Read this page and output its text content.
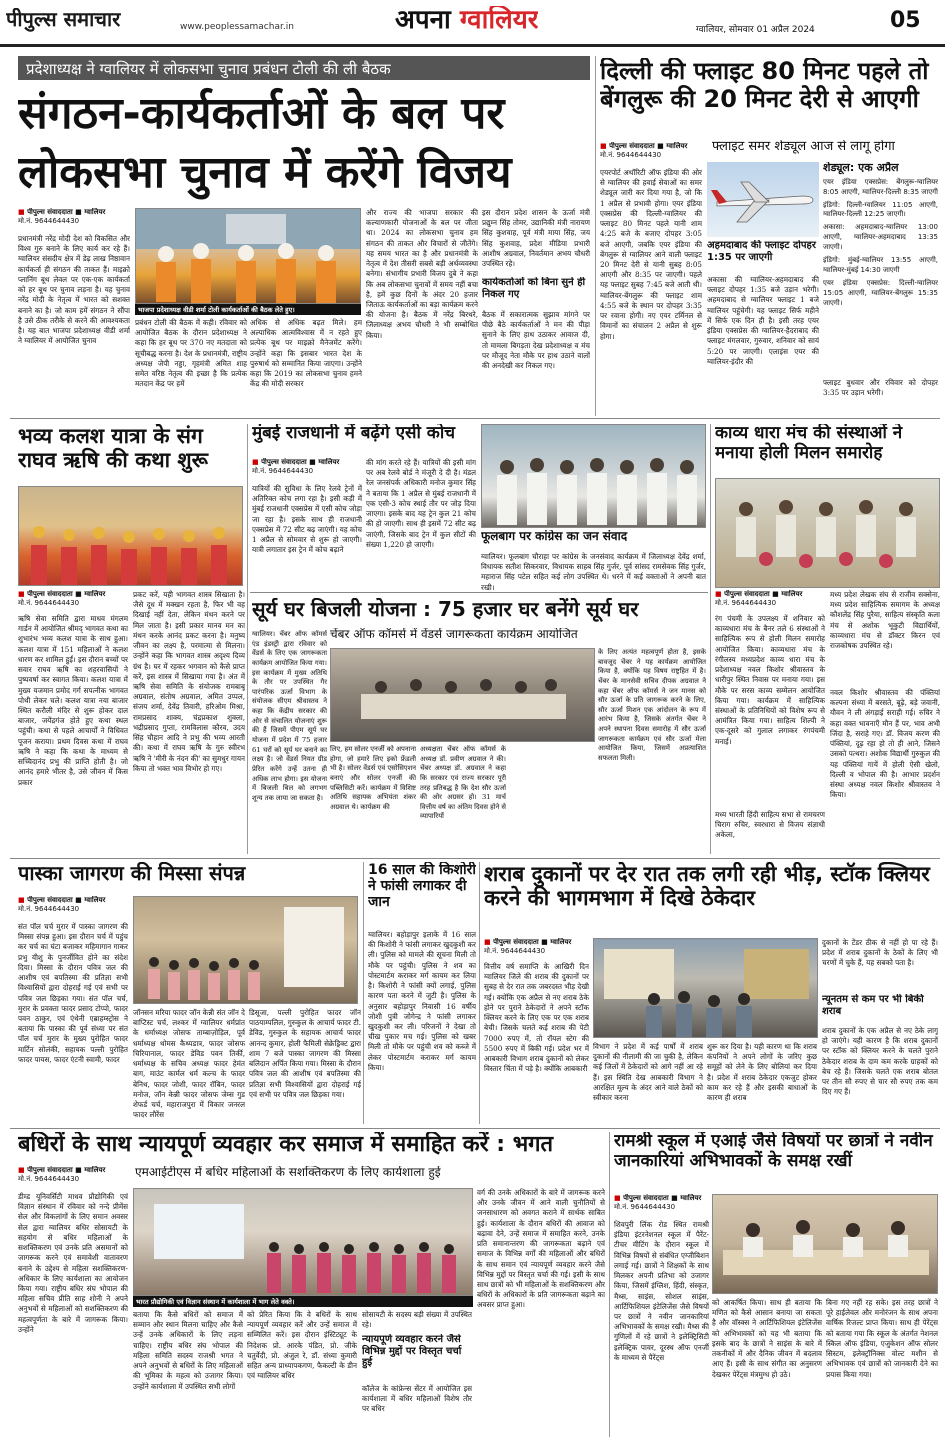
पीपुल्स समाचार	www.peoplessamachar.in	अपना ग्वालियर	ग्वालियर, सोमवार 01 अप्रैल 2024	05
प्रदेशाध्यक्ष ने ग्वालियर में लोकसभा चुनाव प्रबंधन टोली की ली बैठक
संगठन-कार्यकर्ताओं के बल पर लोकसभा चुनाव में करेंगे विजय
■ पीपुल्स संवाददाता ■ ग्वालियर
मो.नं. 9644644430
प्रधानमंत्री नरेंद्र मोदी देश को विकसित और विश्व गुरु बनाने के लिए कार्य कर रहे हैं। ग्वालियर संसदीय क्षेत्र में डेढ़ लाख निष्ठावान कार्यकर्ता ही संगठन की ताकत हैं। माइक्रो प्लानिंग बूथ लेवल पर एक-एक कार्यकर्ता को हर बूथ पर चुनाव लड़ना है। यह चुनाव नरेंद्र मोदी के नेतृत्व में भारत को सशक्त बनाने का है। जो काम हमें संगठन ने सौंपा है उसे ठीक तरीके से करने की आवश्यकता है। यह बात भाजपा प्रदेशाध्यक्ष वीडी शर्मा ने ग्वालियर में आयोजित चुनाव
भाजपा प्रदेशाध्यक्ष वीडी शर्मा टोली कार्यकर्ताओं की बैठक लेते हुए।
प्रबंधन टोली की बैठक में कही। रविवार को आयोजित बैठक के दौरान प्रदेशाध्यक्ष ने कहा कि हर बूथ पर 370 नए मतदाता को सूचीबद्ध करना है। देश के प्रधानमंत्री, राष्ट्रीय अध्यक्ष जेपी नड्डा, गृहमंत्री अमित शाह समेत वरिष्ठ नेतृत्व की इच्छा है कि प्रत्येक मतदान केंद्र पर हमें
अधिक से अधिक बढ़त मिले। हम अल्पाधिक आत्मविश्वास में न रहते हुए प्रत्येक बूथ पर माइक्रो मैनेजमेंट करेंगे। उन्होंने कहा कि इसबार भारत देश के पुरुषार्थ को सम्मानित किया जाएगा। उन्होंने कहा कि 2019 का लोकसभा चुनाव हमने केंद्र की मोदी सरकार
और राज्य की भाजपा सरकार की कल्याणकारी योजनाओं के बल पर जीता था। 2024 का लोकसभा चुनाव हम संगठन की ताकत और विचारों से जीतेंगे। यह समय भारत का है और प्रधानमंत्री के नेतृत्व में देश तीसरी सबसे बड़ी अर्थव्यवस्था बनेगा। संभागीय प्रभारी विजय दुबे ने कहा कि अब लोकसभा चुनावों में समय नहीं बचा है, हमें कुछ दिनों के अंदर 20 हजार जिताऊ कार्यकर्ताओं का बड़ा कार्यक्रम करने की योजना है। बैठक में नरेंद्र बिरथरे, जिलाध्यक्ष अभय चौधरी ने भी सम्बोधित किया।
इस दौरान प्रदेश शासन के ऊर्जा मंत्री प्रद्युम्न सिंह तोमर, उद्यानिकी मंत्री नारायण सिंह कुशवाह, पूर्व मंत्री माया सिंह, जय सिंह कुशवाह, प्रदेश मीडिया प्रभारी आशीष अग्रवाल, निवर्तमान अभय चौधरी उपस्थित रहे।
कार्यकर्ताओं को बिना सुने ही निकल गए
बैठक में सकारात्मक सुझाव मांगने पर पीछे बैठे कार्यकर्ताओं ने मन की पीड़ा सुनाने के लिए हाथ उठाकर आवाज दी, तो मामला बिगड़ता देख प्रदेशाध्यक्ष व मंच पर मौजूद नेता मौके पर हाथ उठाने वालों की अनदेखी कर निकल गए।
दिल्ली की फ्लाइट 80 मिनट पहले तो बेंगलुरू की 20 मिनट देरी से आएगी
■ पीपुल्स संवाददाता ■ ग्वालियर
मो.नं. 9644644430
फ्लाइट समर शेड्यूल आज से लागू होगा
एयरपोर्ट अथॉरिटी ऑफ इंडिया की ओर से ग्वालियर की हवाई सेवाओं का समर शेड्यूल जारी कर दिया गया है, जो कि 1 अप्रैल से प्रभावी होगा। एयर इंडिया एक्सप्रेस की दिल्ली-ग्वालियर की फ्लाइट 80 मिनट पहले यानी शाम 4:25 बजे के बजाए दोपहर 3:05 बजे आएगी, जबकि एयर इंडिया की बेंगलुरू से ग्वालियर आने वाली फ्लाइट 20 मिनट देरी से यानी सुबह 8:05 आएगी और 8:35 पर जाएगी। पहले यह फ्लाइट सुबह 7:45 बजे आती थी। ग्वालियर-बेंगलुरू की फ्लाइट शाम 4:55 बजे के स्थान पर दोपहर 3:35 पर रवाना होगी। नए एयर टर्मिनल से विमानों का संचालन 2 अप्रैल से शुरू होगा।
अहमदाबाद की फ्लाइट दोपहर 1:35 पर जाएगी
अकासा की ग्वालियर-अहमदाबाद की फ्लाइट दोपहर 1:35 बजे उड़ान भरेगी। अहमदाबाद से ग्वालियर फ्लाइट 1 बजे ग्वालियर पहुंचेगी। यह फ्लाइट सिर्फ महीने में सिर्फ एक दिन ही है। इसी तरह एयर इंडिया एक्सप्रेस की ग्वालियर-हैदराबाद की फ्लाइट मंगलवार, गुरुवार, शनिवार को सायं 5:20 पर जाएगी। एलाइंस एयर की ग्वालियर-इंदौर की
शेड्यूल: एक अप्रैल
एयर इंडिया एक्सप्रेस: बेंगलुरू-ग्वालियर 8:05 आएगी, ग्वालियर-दिल्ली 8:35 जाएगी
इंडिगो: दिल्ली-ग्वालियर 11:05 आएगी, ग्वालियर-दिल्ली 12:25 जाएगी।
अकासा: अहमदाबाद-ग्वालियर 13:00 आएगी, ग्वालियर-अहमदाबाद 13:35 जाएगी।
इंडिगो: मुंबई-ग्वालियर 13:55 आएगी, ग्वालियर-मुंबई 14:30 जाएगी
एयर इंडिया एक्सप्रेस: दिल्ली-ग्वालियर 15:05 आएगी, ग्वालियर-बेंगलुरू 15:35 जाएगी।
फ्लाइट बुधवार और रविवार को दोपहर 3:35 पर उड़ान भरेगी।
भव्य कलश यात्रा के संग राघव ऋषि की कथा शुरू
■ पीपुल्स संवाददाता ■ ग्वालियर
मो.नं. 9644644430
ऋषि सेवा समिति द्वारा माधव मंगलम गार्डन में आयोजित श्रीमद् भागवत कथा का शुभारंभ भव्य कलश यात्रा के साथ हुआ। कलश यात्रा में 151 महिलाओं ने कलश धारण कर शामिल हुईं। इस दौरान बच्चों पर सवार राघव ऋषि का शहरवासियों ने पुष्पवर्षा कर स्वागत किया। कलश यात्रा में मुख्य यजमान प्रमोद गर्ग सपत्नीक भागवत पोथी लेकर चले। कलश यात्रा नया बाजार स्थित करौली मंदिर से शुरू होकर दाल बाजार, जयेंद्रगंज होते हुए कथा स्थल पहुंची। कथा से पहले आचार्यों ने विधिवत पूजन कराया। प्रथम दिवस कथा में राघव ऋषि ने कहा कि कथा के माध्यम से सच्चिदानंद प्रभु की प्राप्ति होती है। जो आनंद हमारे भीतर है, उसे जीवन में किस प्रकार
प्रकट करें, यही भागवत शास्त्र सिखाता है। जैसे दूध में मक्खन रहता है, फिर भी वह दिखाई नहीं देता, लेकिन मंथन करने पर मिल जाता है। इसी प्रकार मानव मन का मंथन करके आनंद प्रकट करना है। मनुष्य जीवन का लक्ष्य है, परमात्मा से मिलना। उन्होंने कहा कि भागवत शास्त्र अदृश्य दिव्य ग्रंथ है। घर में रहकर भगवान को कैसे प्राप्त करें, इस शास्त्र में सिखाया गया है। अंत में ऋषि सेवा समिति के संयोजक रामबाबू अग्रवाल, संतोष अग्रवाल, अमित उप्पल, संजय शर्मा, देवेंद्र तिवारी, हरिओम मिश्रा, रामप्रसाद शाक्य, चंद्रप्रकाश शुक्ला, भद्रीप्रसाद गुप्ता, रामविलास कौरव, उदय सिंह चौहान आदि ने प्रभु की भव्य आरती की। कथा में राघव ऋषि के गुरु स्वीरभ ऋषि ने 'मीरी के नंदन की' का सुमधुर गायन किया तो भक्त भाव विभोर हो गए।
मुंबई राजधानी में बढ़ेंगे एसी कोच
■ पीपुल्स संवाददाता ■ ग्वालियर
मो.नं. 9644644430
यात्रियों की सुविधा के लिए रेलवे ट्रेनों में अतिरिक्त कोच लगा रहा है। इसी कड़ी में मुंबई राजधानी एक्सप्रेस में एसी कोच जोड़ा जा रहा है। इसके साथ ही राजधानी एक्सप्रेस में 72 सीट बढ़ जाएंगी। यह कोच 1 अप्रैल से सोमवार से शुरू हो जाएगी। यात्री लगातार इस ट्रेन में कोच बढ़ाने
की मांग करते रहे हैं। यात्रियों की इसी मांग पर अब रेलवे बोर्ड ने मंजूरी दे दी है। मंडल रेल जनसंपर्क अधिकारी मनोज कुमार सिंह ने बताया कि 1 अप्रैल से मुंबई राजधानी में एक एसी-3 कोच स्थाई तौर पर जोड़ दिया जाएगा। इसके बाद यह ट्रेन कुल 21 कोच की हो जाएगी। साथ ही इसमें 72 सीट बढ़ जाएंगी, जिसके बाद ट्रेन में कुल सीटों की संख्या 1,220 हो जाएगी।
फूलबाग पर कांग्रेस का जन संवाद
ग्वालियर। फूलबाग चौराहा पर कांग्रेस के जनसंवाद कार्यक्रम में जिलाध्यक्ष देवेंद्र शर्मा, विधायक सतीश सिकरवार, विधायक साहब सिंह गुर्जर, पूर्व सांसद रामसेवक सिंह गुर्जर, महाराज सिंह पटेल सहित कई लोग उपस्थित थे। धरने में कई वक्ताओं ने अपनी बात रखी।
काव्य धारा मंच की संस्थाओं ने मनाया होली मिलन समारोह
■ पीपुल्स संवाददाता ■ ग्वालियर
मो.नं. 9644644430
रंग पंचमी के उपलक्ष्य में शनिवार को काव्यधारा मंच के बैनर तले 6 संस्थाओं ने साहित्यिक रूप से होली मिलन समारोह आयोजित किया। काव्यधारा मंच के रंगीलस्य मध्यप्रदेश काव्य धारा मंच के प्रदेशाध्यक्ष नवल किशोर श्रीवास्तव के धारीपुर स्थित निवास पर मनाया गया। इस मौके पर सरस काव्य सम्मेलन आयोजित किया गया। कार्यक्रम में साहित्यिक संस्थाओं के प्रतिनिधियों को विशेष रूप से आमंत्रित किया गया। साहित्य शिल्पी ने एक-दूसरे को गुलाल लगाकर रंगपंचमी मनाई।
मध्य भारती हिंदी साहित्य सभा से रामचरण चिराग रुचिर, स्वरधारा से विजय संज्ञाधी अकेला,
मध्य प्रदेश लेखक संघ से राजीव सक्सेना, मध्य प्रदेश साहित्यिक समागम के अध्यक्ष कौशलेंद्र सिंह पुरैया, साहित्य संस्कृति कला मंच से अशोक भूकुटी विद्यार्थियों, काव्यधारा मंच से डॉक्टर किरन एवं राजकोषक उपस्थित रहे।
नवल किशोर श्रीवास्तव की पंक्तियां कल्पना संध्या में बरसते, बूढ़े, बड़े जवानी, यौवन ने ली अंगड़ाई सराही गई। रुचिर ने कहा वक्त भावनाएँ मौन हैं पर, भाव अभी जिंदा है, सराहे गए। डॉ. विजय करण की पंक्तियां, दूढ़ रहा हो तो ही आने, जिसने उसको पत्थरा। अशोक विद्यार्थी गुरुकुल की यह पंक्तियां गायें में होली ऐसी खेलो, दिल्ली व भोपाल की है। आभार प्रदर्शन संस्था अध्यक्ष नवल किशोर श्रीवास्तव ने किया।
सूर्य घर बिजली योजना : 75 हजार घर बनेंगे सूर्य घर
चेंबर ऑफ कॉमर्स में वेंडर्स जागरूकता कार्यक्रम आयोजित
ग्वालियर। चेंबर ऑफ कॉमर्स एंड इंडस्ट्री द्वारा रविवार को वेंडर्स के लिए एक जागरूकता कार्यक्रम आयोजित किया गया। इस कार्यक्रम में मुख्य अतिथि के तौर पर उपस्थित गैर पारंपरिक ऊर्जा विभाग के संयोजक सीएम श्रीवास्तव ने कहा कि केंद्रीय सरकार की ओर से संचालित योजनाएं शुरू की हैं जिसमें पीएम सूर्य घर योजना में प्रदेश में 75 हजार 61 घरों को सूर्य घर बनाने का लक्ष्य है। जो वेंडर्स नियत ग्रीड प्रेरित करेंगे उन्हें उतना ही अधिक लाभ होगा। इस योजना में बिजली बिल को लगभग शून्य तक लाया जा सकता है।
लिए, हम सोलर एनर्जी को अपनाना होगा, जो हमारे लिए इको फ्रेंडली भी है। सोलर वेंडर्स एवं एसोसिएशन बनाएं और सोलर एनर्जी की पब्लिसिटी करें। कार्यक्रम में विशिष्ट अतिथि सहायक अभियंता शंकर अग्रवाल थे। कार्यक्रम की
अध्यक्षता चेंबर ऑफ कॉमर्स के अध्यक्ष डॉ. प्रवीण अग्रवाल ने की। चेंबर अध्यक्ष डॉ. अग्रवाल ने कहा कि सरकार एवं राज्य सरकार पूरी तरह प्रतिबद्ध है कि देश सौर ऊर्जा की ओर अग्रसर हो। 31 मार्च वित्तीय वर्ष का अंतिम दिवस होने से व्यापारियों
के लिए अत्यंत महत्वपूर्ण होता है, इसके बावजूद चेंबर ने यह कार्यक्रम आयोजित किया है, क्योंकि यह विषय राष्ट्रहित में है। चेंबर के मानसेवी सचिव दीपक अग्रवाल ने कहा चेंबर ऑफ कॉमर्स ने जन मानस को सौर ऊर्जा के प्रति जागरूक करने के लिए, सौर ऊर्जा मिशन एक आंदोलन के रूप में आरंभ किया है, जिसके अंतर्गत चेंबर ने अपने स्थापना दिवस समारोह में सौर ऊर्जा जागरूकता कार्यक्रम एवं सौर ऊर्जा मेला आयोजित किया, जिसमें अप्रत्याशित सफलता मिली।
पास्का जागरण की मिस्सा संपन्न
■ पीपुल्स संवाददाता ■ ग्वालियर
मो.नं. 9644644430
संत पॉल चर्च मुरार में पास्का जागरण की मिस्सा संपन्न हुआ। इस दौरान चर्च में पहुंच कर चर्च का घंटा बजाकर महिमागान गाकर प्रभु यीशु के पुनर्जीवित होने का संदेश दिया। मिस्सा के दौरान पवित्र जल की आशीष एवं बपतिस्मा की प्रतिज्ञा सभी विश्वासियों द्वारा दोहराई गई एवं सभी पर पवित्र जल छिड़का गया। संत पॉल चर्च, मुरार के प्रवक्ता फादर प्रसाद टोप्पो, फादर पवन ठाकुर, एवं एंथेनी एब्राहम्स्ट्रोस ने बताया कि पास्का की पूर्व संध्या पर संत पॉल चर्च मुरार के मुख्य पुरोहित फादर मार्टिन सोलंकी, सहायक पल्ली पुरोहित फादर पायस, फादर एंटनी स्वामी, फादर
जॉनसन मरिया फादर जॉन केन्नी संत जॉन दे बाप्टिस्ट चर्च, लश्कर में ग्वालियर धर्मप्रांत के धर्माध्यक्ष जोसफ ताम्बाज़ोड़िल, पूर्व धर्माध्यक्ष थोमस कैथ्यडात्र, फादर जोसफ चिरियानाल, फादर डेविड पवन तिर्की, धर्माध्यक्ष के सचिव अध्यक्ष फादर हेमंत बाग, माउंट कार्मल धर्म कल्च के फादर बेनिथ, फादर जोशी, फादर रॉबिन, फादर मनोज, जॉन केन्नी फादर जोसफ जेम्स गुड शेफर्ड चर्च, महाराजपुरा में विकार जनरल फादर लौरेंस
डिसूजा, पल्ली पुरोहित फादर जॉन पाठयाम्पलिल, गुरुकुल के आचार्य फादर टी. डेविड, गुरुकुल के सहायक आचार्य फादर आनन्द कुमार, होली फैमिली सेक्रेड्रिक्ट द्वारा शाम 7 बजे पास्का जागरण की मिस्सा बलिदान अर्पित किया गया। मिस्सा के दौरान पवित्र जल की आशीष एवं बपतिस्मा की प्रतिज्ञा सभी विश्वासियों द्वारा दोहराई गई एवं सभी पर पवित्र जल छिड़का गया।
16 साल की किशोरी ने फांसी लगाकर दी जान
ग्वालियर। बहोड़ापुर इलाके में 16 साल की किशोरी ने फांसी लगाकर खुदकुशी कर ली। पुलिस को मामले की सूचना मिली तो मौके पर पहुंची। पुलिस ने शव का पोस्टमार्टम कराकर मर्ग कायम कर लिया है। किशोरी ने फांसी क्यों लगाई, पुलिस कारण पता करने में जुटी है। पुलिस के अनुसार बहोड़ापुर निवासी 16 वर्षीय जोशी पुत्री जोगेन्द्र ने फांसी लगाकर खुदकुशी कर ली। परिजनों ने देखा तो चीख पुकार मच गई। पुलिस को खबर मिली तो मौके पर पहुंची शव को कब्जे में लेकर पोस्टमार्टम कराकर मर्ग कायम किया।
शराब दुकानों पर देर रात तक लगी रही भीड़, स्टॉक क्लियर करने की भागमभाग में दिखे ठेकेदार
■ पीपुल्स संवाददाता ■ ग्वालियर
मो.नं. 9644644430
वित्तीय वर्ष समाप्ति के आखिरी दिन ग्वालियर जिले की शराब की दुकानों पर सुबह से देर रात तक जबरदस्त भीड़ देखी गई। क्योंकि एक अप्रैल से नए शराब ठेके होने पर पुराने ठेकेदारों ने अपने स्टॉक क्लियर करने के लिए एक पर एक शराब बेची। जिसके चलते कई शराब की पेटी 7000 रुपए में, तो रॉयल स्टेग की 5500 रुपए में बिकी गई। प्रदेश भर में आबकारी विभाग शराब दुकानों को लेकर विस्तार चिंता में पड़े है। क्योंकि आबकारी
विभाग ने प्रदेश में कई पार्षों में शराब दुकानों की नीलामी की जा चुकी है, लेकिन कई जिलों में ठेकेदारों को आगे नहीं आ रहे हैं। इस स्थिति देख आबकारी विभाग ने आरक्षित मूल्य के अंदर आने वाले ठेकों को स्वीकार करना
शुरू कर दिया है। यही कारण था कि शराब कंपनियों ने अपने लोगों के जरिए कुछ समूहों को लेने के लिए बोलियां कर दिया है। प्रदेश में शराब ठेकेदार एकजुट होकर काम कर रहे हैं और इसकी बाधाओं के कारण ही शराब
दुकानों के टेंडर ठीक से नहीं हो पा रहे हैं। प्रदेश में शराब दुकानों के ठेकों के लिए भी चरणों में चुके हैं, यह सबको पता है।
न्यूनतम से कम पर भी बिकी शराब
शराब दुकानों के एक अप्रैल से नए ठेके लागू हो जाएंगे। यही कारण है कि शराब दुकानों पर स्टॉक को क्लियर करने के चलते पुराने ठेकेदार शराब के दाम कम करके ग्राहकों को बेच रहे हैं। जिसके चलते एक शराब बोतल पर तीन सौ रुपए से चार सौ रुपए तक कम दिए गए हैं।
बधिरों के साथ न्यायपूर्ण व्यवहार कर समाज में समाहित करें : भगत
■ पीपुल्स संवाददाता ■ ग्वालियर
मो.नं. 9644644430	एमआईटीएस में बधिर महिलाओं के सशक्तिकरण के लिए कार्यशाला हुई
डीम्ड यूनिवर्सिटी माधव प्रौद्योगिकी एवं विज्ञान संस्थान में रविवार को नन्दे प्रीमेंस सेल और विकलांगों के लिए समान अवसर सेल द्वारा ग्वालियर बधिर सोसायटी के सहयोग से बधिर महिलाओं के सशक्तिकरण एवं उनके प्रति असमानों को जागरूक करने एवं समावेशी वातावरण बनाने के उद्देश्य से महिला सशक्तिकरण-अधिकार के लिए कार्यशाला का आयोजन किया गया। राष्ट्रीय बधिर संघ भोपाल की महिला सचिव प्रीति साह शोनी ने अपने अनुभवों से महिलाओं को सशक्तिकरण की महत्वपूर्णता के बारे में जागरूक किया। उन्होंने
भारत प्रौद्योगिकी एवं विज्ञान संस्थान में कार्यशाला में भाग लेते वक्ते।
बताया कि कैसे बधिरों को समाज में सम्मान और स्थान मिलना चाहिए और कैसे उन्हें उनके अधिकारों के लिए लड़ना चाहिए। राष्ट्रीय बधिर संघ भोपाल की महिला समिति सदस्य राजश्री भगत ने अपने अनुभवों से बधिरों के लिए महिलाओं की भूमिका के महत्व को उजागर किया। उन्होंने कार्यशाला में उपस्थित सभी लोगों
को प्रेरित किया कि वे बधिरों के साथ न्यायपूर्ण व्यवहार करें और उन्हें समाज में सम्मिलित करें। इस दौरान इंस्टिट्यूट के निदेशक प्रो. आरके पंडित, प्रो. जीके चतुर्वेदी, प्रो. अंजुल रे, डॉ. संध्या कुमारी सहित अन्य प्राध्यापकगण, फैकल्टी के डीन एवं ग्वालियर बधिर
सोसायटी के सदस्य बड़ी संख्या में उपस्थित रहे।
न्यायपूर्ण व्यवहार करने जैसे विभिन्न मुद्दों पर विस्तृत चर्चा हुई
कॉलेज के कांफ्रेन्स सेंटर में आयोजित इस कार्यशाला में बधिर महिलाओं विशेष तौर पर बधिर
वर्ग की उनके अधिकारों के बारे में जागरूक करने और उनके जीवन में आने वाली चुनौतियों से जनसाधारण को अवगत कराने में सार्थक साबित हुई। कार्यशाला के दौरान बधिरों की आवाज को बढ़ावा देने, उन्हें समाज में समाहित करने, उनके प्रति समानान्तरण की जागरूकता बढ़ाने एवं समाज के विभिन्न वर्गों की महिलाओं और बधिरों के साथ समान एवं न्यायपूर्ण व्यवहार करने जैसे विभिन्न मुद्दों पर विस्तृत चर्चा की गई। इसी के साथ साथ छात्रों को भी महिलाओं के सशक्तिकरण और बधिरों के अधिकारों के प्रति जागरूकता बढ़ाने का अवसर प्राप्त हुआ।
रामश्री स्कूल में एआई जैसे विषयों पर छात्रों ने नवीन जानकारियां अभिभावकों के समक्ष रखीं
■ पीपुल्स संवाददाता ■ ग्वालियर
मो.नं. 9644644430
शिवपुरी लिंक रोड स्थित रामश्री इंडिया इंटरनेशनल स्कूल में पैरेंट-टीचर मीटिंग के दौरान स्कूल में विभिन्न विषयों से संबंधित एग्जीबिशन लगाई गई। छात्रों ने शिक्षकों के साथ मिलकर अपनी प्रतिभा को उजागर किया, जिसमें इंग्लिश, हिंदी, संस्कृत, मैथ्स, साइंस, सोशल साइंस, आर्टिफिशियल इंटेलिजेंस जैसे विषयों पर छात्रों ने नवीन जानकारियां अभिभावकों के समक्ष रखी। मैथ्स की गुणिलों में रहे छात्रों ने इलेक्ट्रिसिटी इलेक्ट्रिक पावर, दूरस्थ ऑफ एनर्जी के माध्यम से पैरेंट्स
को आकर्षित किया। साथ ही बताया कि मणित को कैसे आसान बनाया जा सकता है और वॉस्क्स ने आर्टिफिशियल इंटेलिजेंस को अभिभावकों को यह भी बताया कि इसके बाद के छात्रों ने साइंस के बारे में तकनीकों में और दैनिक जीवन में बदलाव आए हैं। इसी के साथ संगीत का अनुसरण देखकर पेरेंट्स मंत्रमुग्ध हो उठे।
बिना गए नहीं रह सके। इस तरह छात्रों ने पूरे हाईलेवल और मनोरंजन के साथ अपना वार्षिक रिजल्ट प्राप्त किया। साथ ही पेरेंट्स को बताया गया कि स्कूल के अंतर्गत नेशनल स्किल ऑफ इंडिया, एजुकेशन ऑफ सोलर सिस्टम, इलेक्ट्रॉनिक्स वोल्ट मशीन से अभिभावक एवं छात्रों को जानकारी देने का प्रयास किया गया।
